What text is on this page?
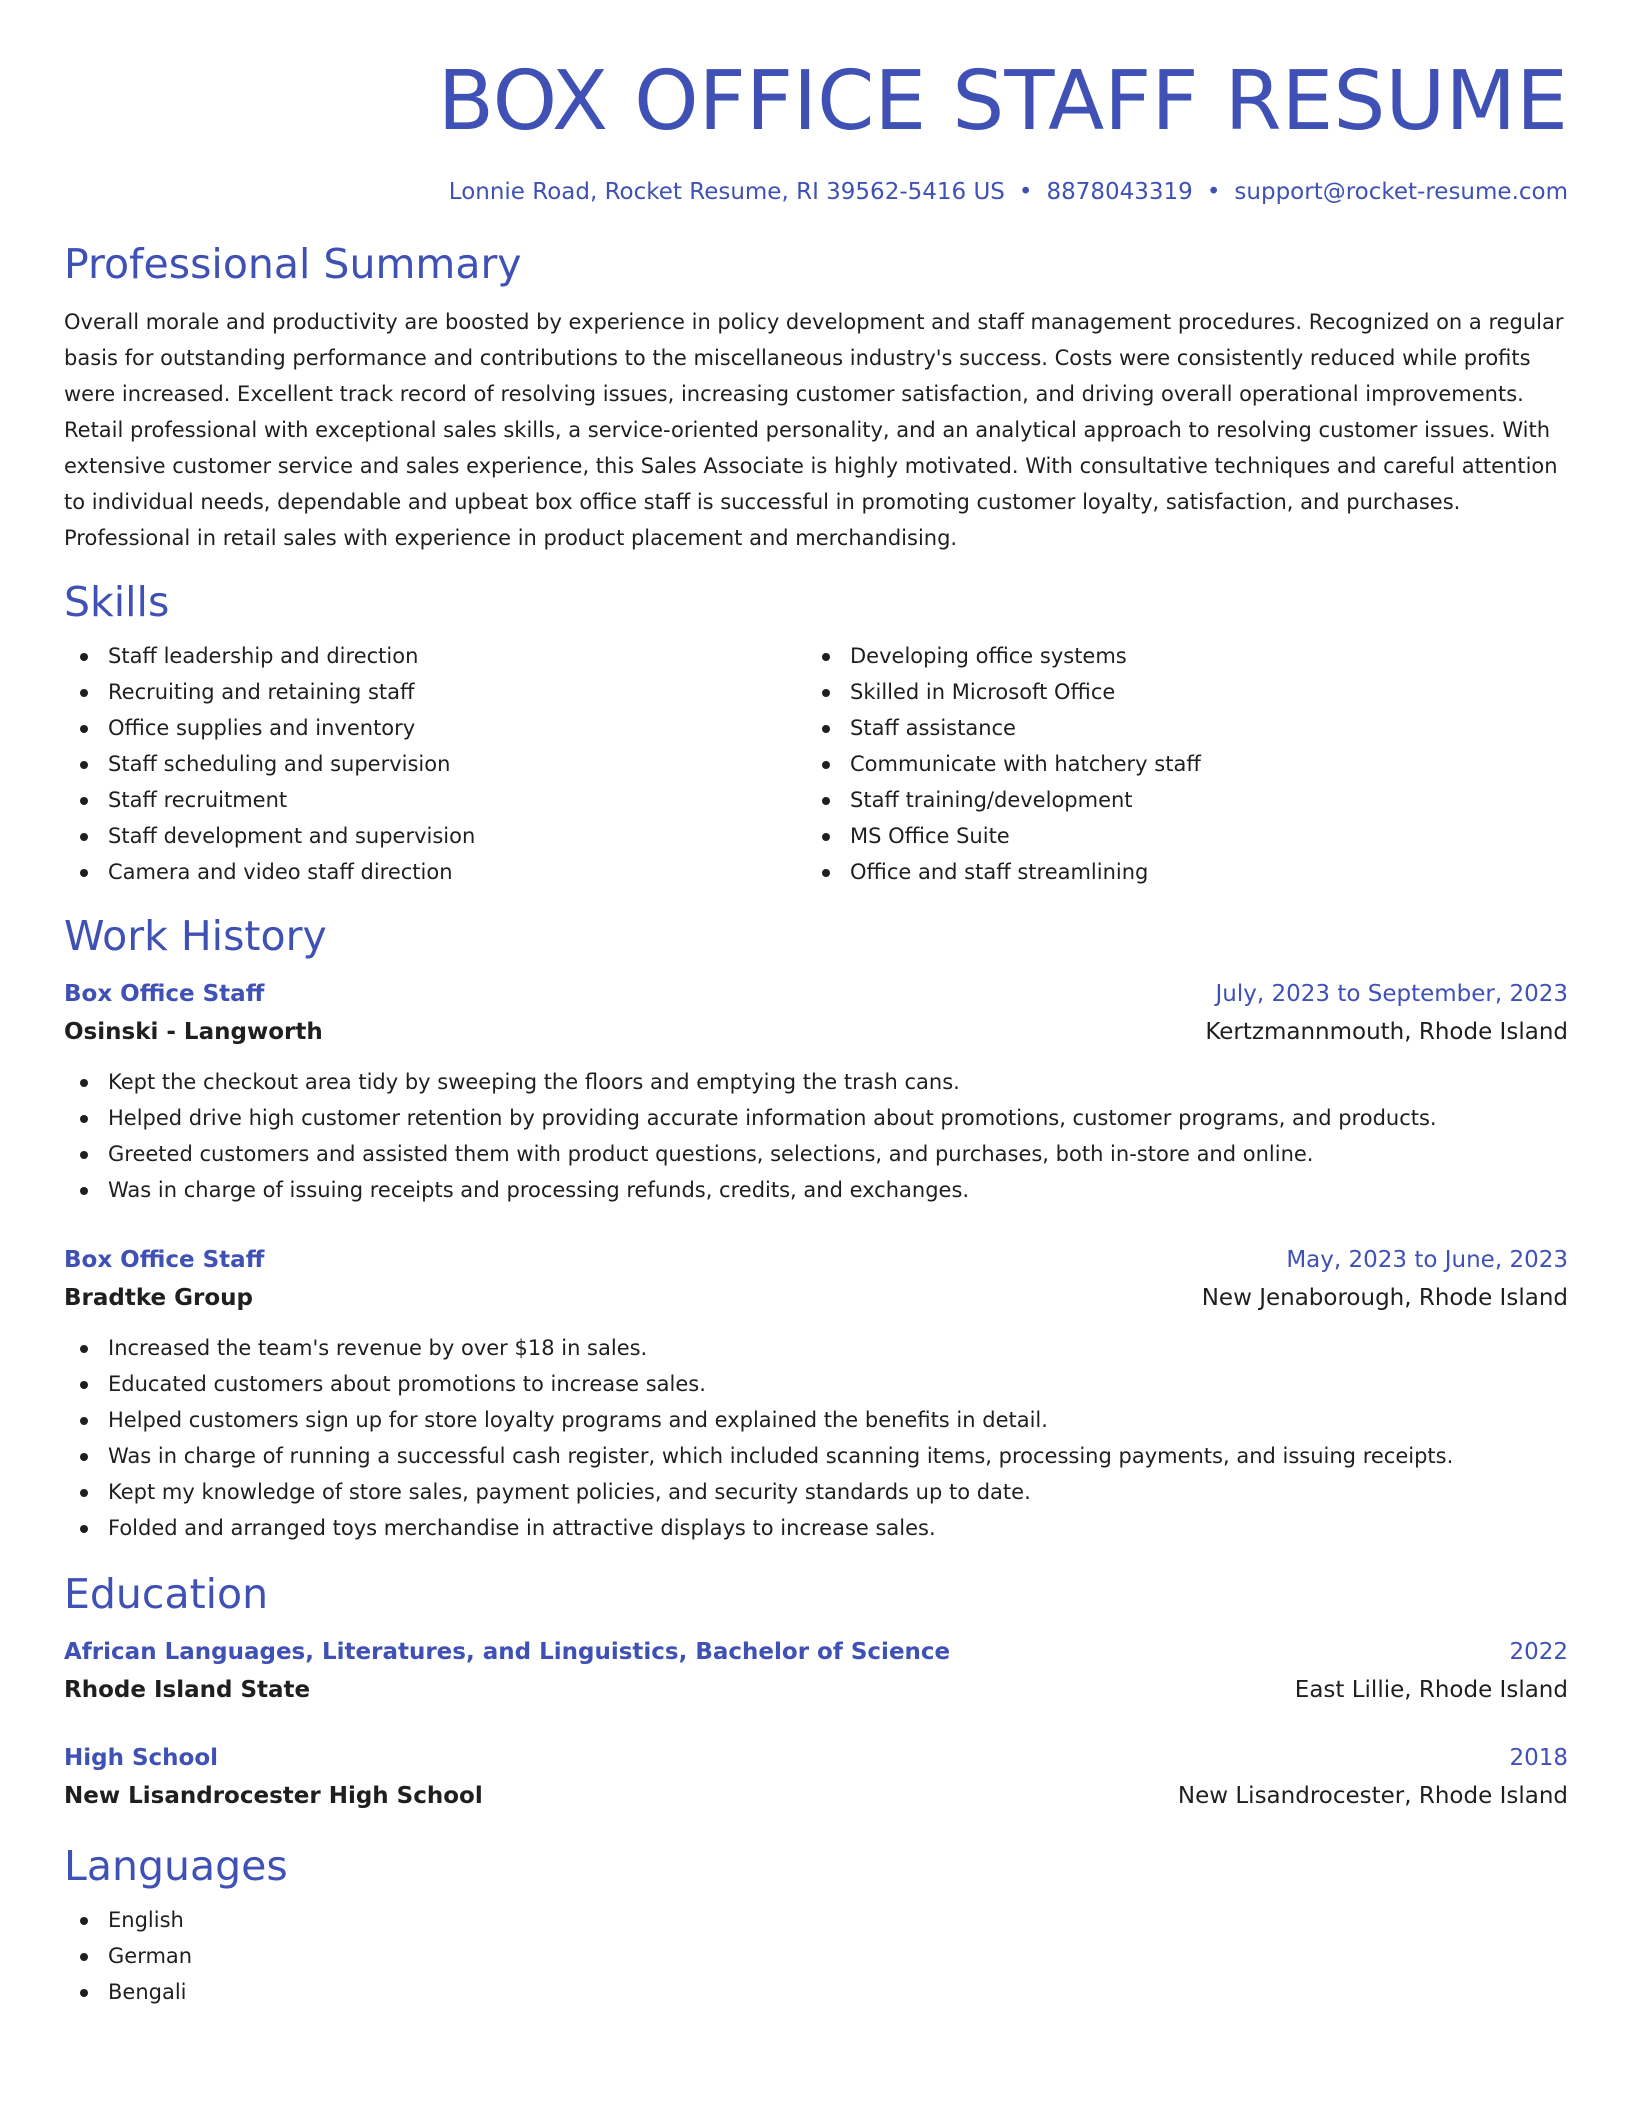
BOX OFFICE STAFF RESUME
Lonnie Road, Rocket Resume, RI 39562-5416 US • 8878043319 • support@rocket-resume.com
Professional Summary
Overall morale and productivity are boosted by experience in policy development and staff management procedures. Recognized on a regular basis for outstanding performance and contributions to the miscellaneous industry's success. Costs were consistently reduced while profits were increased. Excellent track record of resolving issues, increasing customer satisfaction, and driving overall operational improvements. Retail professional with exceptional sales skills, a service-oriented personality, and an analytical approach to resolving customer issues. With extensive customer service and sales experience, this Sales Associate is highly motivated. With consultative techniques and careful attention to individual needs, dependable and upbeat box office staff is successful in promoting customer loyalty, satisfaction, and purchases. Professional in retail sales with experience in product placement and merchandising.
Skills
Staff leadership and direction
Recruiting and retaining staff
Office supplies and inventory
Staff scheduling and supervision
Staff recruitment
Staff development and supervision
Camera and video staff direction
Developing office systems
Skilled in Microsoft Office
Staff assistance
Communicate with hatchery staff
Staff training/development
MS Office Suite
Office and staff streamlining
Work History
Box Office Staff	July, 2023 to September, 2023
Osinski - Langworth	Kertzmannmouth, Rhode Island
Kept the checkout area tidy by sweeping the floors and emptying the trash cans.
Helped drive high customer retention by providing accurate information about promotions, customer programs, and products.
Greeted customers and assisted them with product questions, selections, and purchases, both in-store and online.
Was in charge of issuing receipts and processing refunds, credits, and exchanges.
Box Office Staff	May, 2023 to June, 2023
Bradtke Group	New Jenaborough, Rhode Island
Increased the team's revenue by over $18 in sales.
Educated customers about promotions to increase sales.
Helped customers sign up for store loyalty programs and explained the benefits in detail.
Was in charge of running a successful cash register, which included scanning items, processing payments, and issuing receipts.
Kept my knowledge of store sales, payment policies, and security standards up to date.
Folded and arranged toys merchandise in attractive displays to increase sales.
Education
African Languages, Literatures, and Linguistics, Bachelor of Science	2022
Rhode Island State	East Lillie, Rhode Island
High School	2018
New Lisandrocester High School	New Lisandrocester, Rhode Island
Languages
English
German
Bengali
